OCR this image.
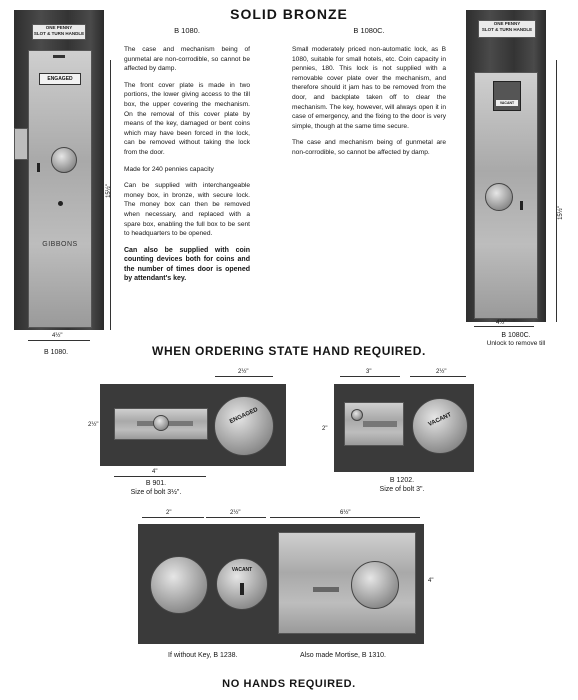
SOLID BRONZE
ONE PENNY
SLOT & TURN HANDLE
ENGAGED
GIBBONS
15½"
4½"
B 1080.
B 1080.

The case and mechanism being of gunmetal are non-corrodible, so cannot be affected by damp.

The front cover plate is made in two portions, the lower giving access to the till box, the upper covering the mechanism. On the removal of this cover plate by means of the key, damaged or bent coins which may have been forced in the lock, can be removed without taking the lock from the door.

Made for 240 pennies capacity

Can be supplied with interchangeable money box, in bronze, with secure lock. The money box can then be removed when necessary, and replaced with a spare box, enabling the full box to be sent to headquarters to be opened.

Can also be supplied with coin counting devices both for coins and the number of times door is opened by attendant's key.

B 1080C.

Small moderately priced non-automatic lock, as B 1080, suitable for small hotels, etc. Coin capacity in pennies, 180. This lock is not supplied with a removable cover plate over the mechanism, and therefore should it jam has to be removed from the door, and backplate taken off to clear the mechanism. The key, however, will always open it in case of emergency, and the fixing to the door is very simple, though at the same time secure.

The case and mechanism being of gunmetal are non-corrodible, so cannot be affected by damp.

ONE PENNY
SLOT & TURN HANDLE
VACANT
15½"
4½"
B 1080C.
Unlock to remove till
WHEN ORDERING STATE HAND REQUIRED.
ENGAGED
2½"
2½"
4"
B 901.
Size of bolt 3½".
VACANT
3"	2½"
2"
B 1202.
Size of bolt 3".
2"	2½"	6½"
VACANT
4"
If without Key, B 1238.	Also made Mortise, B 1310.
NO HANDS REQUIRED.
